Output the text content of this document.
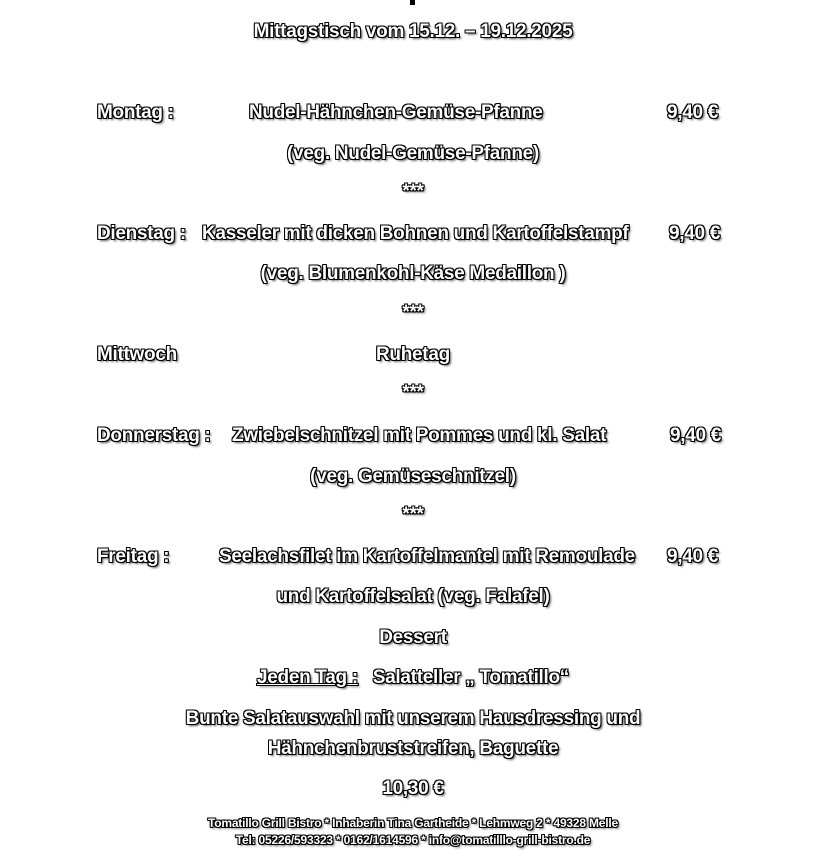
Mittagstisch vom 15.12. – 19.12.2025
Montag :	Nudel-Hähnchen-Gemüse-Pfanne	9,40 €
(veg. Nudel-Gemüse-Pfanne)
***
Dienstag : Kasseler mit dicken Bohnen und Kartoffelstampf 9,40 €
(veg. Blumenkohl-Käse Medaillon )
***
Mittwoch	Ruhetag
***
Donnerstag : Zwiebelschnitzel mit Pommes und kl. Salat	9,40 €
(veg. Gemüseschnitzel)
***
Freitag :	Seelachsfilet im Kartoffelmantel mit Remoulade 9,40 €
und Kartoffelsalat (veg. Falafel)
Dessert
Jeden Tag : Salatteller „ Tomatillo“
Bunte Salatauswahl mit unserem Hausdressing und
Hähnchenbruststreifen, Baguette
10,30 €
Tomatillo Grill Bistro * Inhaberin Tina Gartheide * Lehmweg 2 * 49328 Melle
Tel: 05226/593323 * 0162/1614596 * info@tomatilllo-grill-bistro.de
